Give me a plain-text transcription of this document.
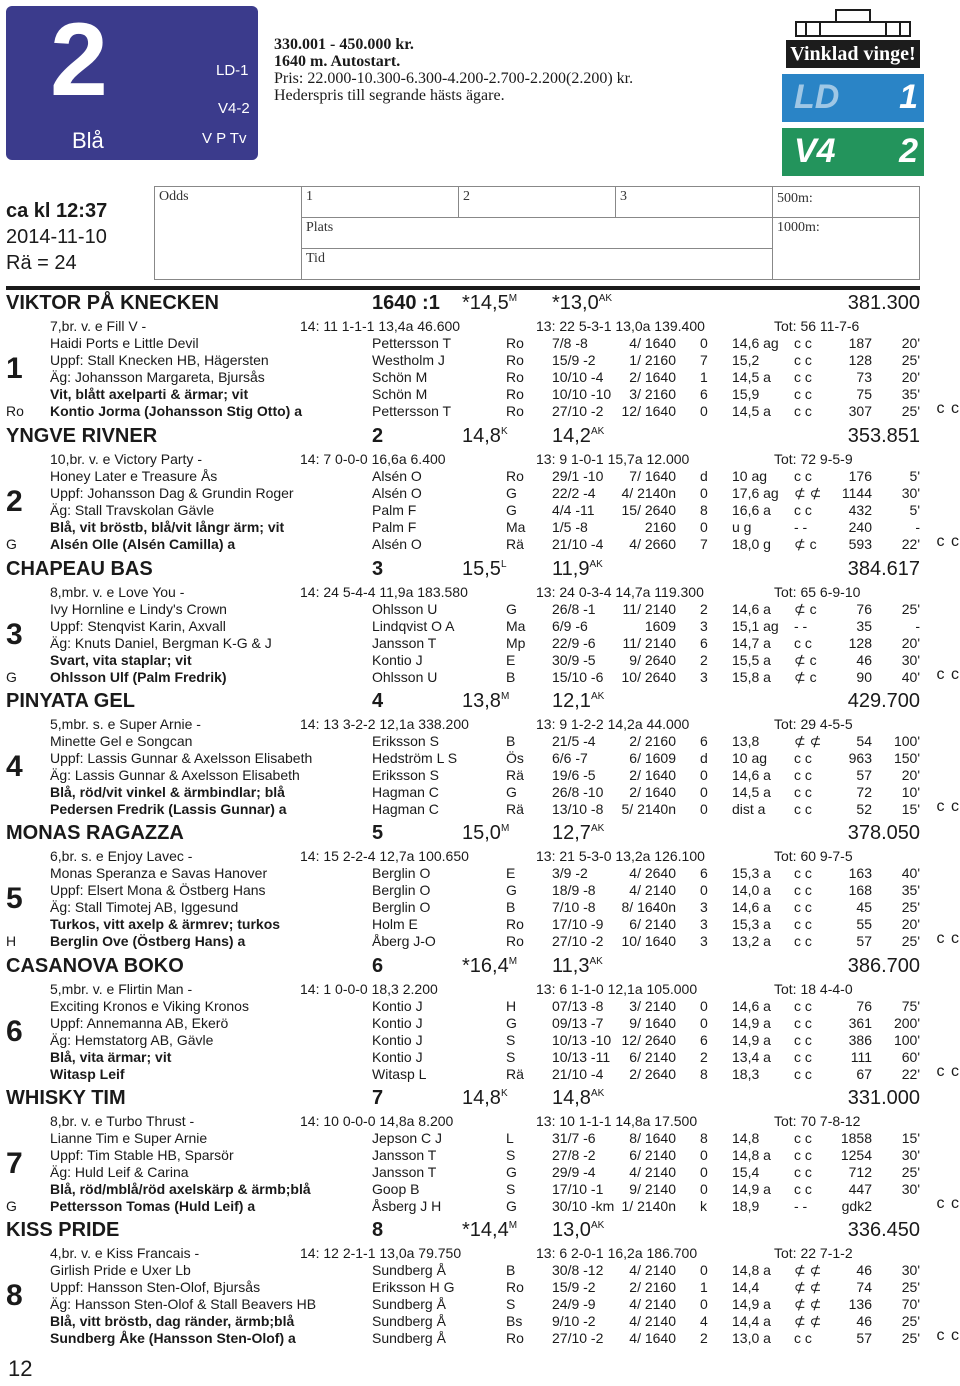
2
Blå
LD-1
V4-2
V P Tv
330.001 - 450.000 kr.
1640 m. Autostart.
Pris: 22.000-10.300-6.300-4.200-2.700-2.200(2.200) kr.
Hederspris till segrande hästs ägare.
Vinklad vinge!
LD 1
V4 2
ca kl 12:37
2014-11-10
Rä = 24
Odds	1	2	3	500m:
	Plats			1000m:
	Tid			
VIKTOR PÅ KNECKEN	1640 :1 $*14,5^M$ $*13,0^{AK}$	381.300
7,br. v. e Fill V -	14: 11 1-1-1 13,4a 46.600	13: 22 5-3-1 13,0a 139.400	Tot: 56 11-7-6
Haidi Ports e Little Devil	Pettersson T	Ro 7/8 -8	4/ 1640 0	14,6 ag c c	187	20'
Uppf: Stall Knecken HB, Hägersten	Westholm J	Ro 15/9 -2	1/ 2160 7	15,2 c c	128	25'
Äg: Johansson Margareta, Bjursås	Schön M	Ro 10/10 -4	2/ 1640 1	14,5 a c c	73	20'
Vit, blått axelparti & ärmar; vit	Schön M	Ro 10/10 -10	3/ 2160 6	15,9 c c	75	35'
Kontio Jorma (Johansson Stig Otto) a	Pettersson T	Ro 27/10 -2	12/ 1640 0	14,5 a c c	307	25'
1
Ro	c c
YNGVE RIVNER	2	$14,8^K$ $14,2^{AK}$	353.851
10,br. v. e Victory Party -	14: 7 0-0-0 16,6a 6.400	13: 9 1-0-1 15,7a 12.000	Tot: 72 9-5-9
Honey Later e Treasure Ås	Alsén O	Ro 29/1 -10	7/ 1640 d	10 ag c c	176	5'
Uppf: Johansson Dag & Grundin Roger	Alsén O	G	22/2 -4	4/ 2140n 0	17,6 ag ⊄ ⊄	1144	30'
Äg: Stall Travskolan Gävle	Palm F	G	4/4 -11	15/ 2640 8	16,6 a c c	432	5'
Blå, vit bröstb, blå/vit långr ärm; vit	Palm F	Ma 1/5 -8	2160 0	u g	- -	240	-
Alsén Olle (Alsén Camilla) a	Alsén O	Rä 21/10 -4	4/ 2660 7	18,0 g ⊄ c	593	22'
2
G	c c
CHAPEAU BAS	3	$15,5^L$ $11,9^{AK}$	384.617
8,mbr. v. e Love You -	14: 24 5-4-4 11,9a 183.580	13: 24 0-3-4 14,7a 119.300	Tot: 65 6-9-10
Ivy Hornline e Lindy's Crown	Ohlsson U	G	26/8 -1	11/ 2140 2	14,6 a ⊄ c	76	25'
Uppf: Stenqvist Karin, Axvall	Lindqvist O A	Ma 6/9 -6	1609 3	15,1 ag - -	35	-
Äg: Knuts Daniel, Bergman K-G & J	Jansson T	Mp 22/9 -6	11/ 2140 6	14,7 a c c	128	20'
Svart, vita staplar; vit	Kontio J	E	30/9 -5	9/ 2640 2	15,5 a ⊄ c	46	30'
Ohlsson Ulf (Palm Fredrik)	Ohlsson U	B	15/10 -6	10/ 2640 3	15,8 a ⊄ c	90	40'
3
G	c c
PINYATA GEL	4	$13,8^M$ $12,1^{AK}$	429.700
5,mbr. s. e Super Arnie -	14: 13 3-2-2 12,1a 338.200	13: 9 1-2-2 14,2a 44.000	Tot: 29 4-5-5
Minette Gel e Songcan	Eriksson S	B	21/5 -4	2/ 2160 6	13,8 ⊄ ⊄	54	100'
Uppf: Lassis Gunnar & Axelsson Elisabeth	Hedström L S	Ös 6/6 -7	6/ 1609 d	10 ag c c	963	150'
Äg: Lassis Gunnar & Axelsson Elisabeth	Eriksson S	Rä 19/6 -5	2/ 1640 0	14,6 a c c	57	20'
Blå, röd/vit vinkel & ärmbindlar; blå	Hagman C	G	26/8 -10	2/ 1640 0	14,5 a c c	72	10'
Pedersen Fredrik (Lassis Gunnar) a	Hagman C	Rä 13/10 -8	5/ 2140n 0	dist a c c	52	15'
4
c c
MONAS RAGAZZA	5	$15,0^M$ $12,7^{AK}$	378.050
6,br. s. e Enjoy Lavec -	14: 15 2-2-4 12,7a 100.650	13: 21 5-3-0 13,2a 126.100	Tot: 60 9-7-5
Monas Speranza e Savas Hanover	Berglin O	E	3/9 -2	4/ 2640 6	15,3 a c c	163	40'
Uppf: Elsert Mona & Östberg Hans	Berglin O	G	18/9 -8	4/ 2140 0	14,0 a c c	168	35'
Äg: Stall Timotej AB, Iggesund	Berglin O	B	7/10 -8	8/ 1640n 3	14,6 a c c	45	25'
Turkos, vitt axelp & ärmrev; turkos	Holm E	Ro 17/10 -9	6/ 2140 3	15,3 a c c	55	20'
Berglin Ove (Östberg Hans) a	Åberg J-O	Ro 27/10 -2	10/ 1640 3	13,2 a c c	57	25'
5
H	c c
CASANOVA BOKO	6	$*16,4^M$ $11,3^{AK}$	386.700
5,mbr. v. e Flirtin Man -	14: 1 0-0-0 18,3 2.200	13: 6 1-1-0 12,1a 105.000	Tot: 18 4-4-0
Exciting Kronos e Viking Kronos	Kontio J	H	07/13 -8	3/ 2140 0	14,6 a c c	76	75'
Uppf: Annemanna AB, Ekerö	Kontio J	G	09/13 -7	9/ 1640 0	14,9 a c c	361	200'
Äg: Hemstatorg AB, Gävle	Kontio J	S	10/13 -10 12/ 2640 6	14,9 a c c	386	100'
Blå, vita ärmar; vit	Kontio J	S	10/13 -11	6/ 2140 2	13,4 a c c	111	60'
Witasp Leif	Witasp L	Rä 21/10 -4	2/ 2640 8	18,3 c c	67	22'
6
c c
WHISKY TIM	7	$14,8^K$ $14,8^{AK}$	331.000
8,br. v. e Turbo Thrust -	14: 10 0-0-0 14,8a 8.200	13: 10 1-1-1 14,8a 17.500	Tot: 70 7-8-12
Lianne Tim e Super Arnie	Jepson C J	L	31/7 -6	8/ 1640 8	14,8 c c	1858	15'
Uppf: Tim Stable HB, Sparsör	Jansson T	S	27/8 -2	6/ 2140 0	14,8 a c c	1254	30'
Äg: Huld Leif & Carina	Jansson T	G	29/9 -4	4/ 2140 0	15,4 c c	712	25'
Blå, röd/mblå/röd axelskärp & ärmb;blå	Goop B	S	17/10 -1	9/ 2140 0	14,9 a c c	447	30'
Pettersson Tomas (Huld Leif) a	Åsberg J H	G	30/10 -km 1/ 2140n k	18,9 - -	gdk2
7
G	c c
KISS PRIDE	8	$*14,4^M$ $13,0^{AK}$	336.450
4,br. v. e Kiss Francais -	14: 12 2-1-1 13,0a 79.750	13: 6 2-0-1 16,2a 186.700	Tot: 22 7-1-2
Girlish Pride e Uxer Lb	Sundberg Å	B	30/8 -12	4/ 2140 0	14,8 a ⊄ ⊄	46	30'
Uppf: Hansson Sten-Olof, Bjursås	Eriksson H G	Ro 15/9 -2	2/ 2160 1	14,4 ⊄ ⊄	74	25'
Äg: Hansson Sten-Olof & Stall Beavers HB	Sundberg Å	S	24/9 -9	4/ 2140 0	14,9 a ⊄ ⊄	136	70'
Blå, vitt bröstb, dag ränder, ärmb;blå	Sundberg Å	Bs 9/10 -2	4/ 2140 4	14,4 a ⊄ ⊄	46	25'
Sundberg Åke (Hansson Sten-Olof) a	Sundberg Å	Ro 27/10 -2	4/ 1640 2	13,0 a c c	57	25'
8
c c
12
